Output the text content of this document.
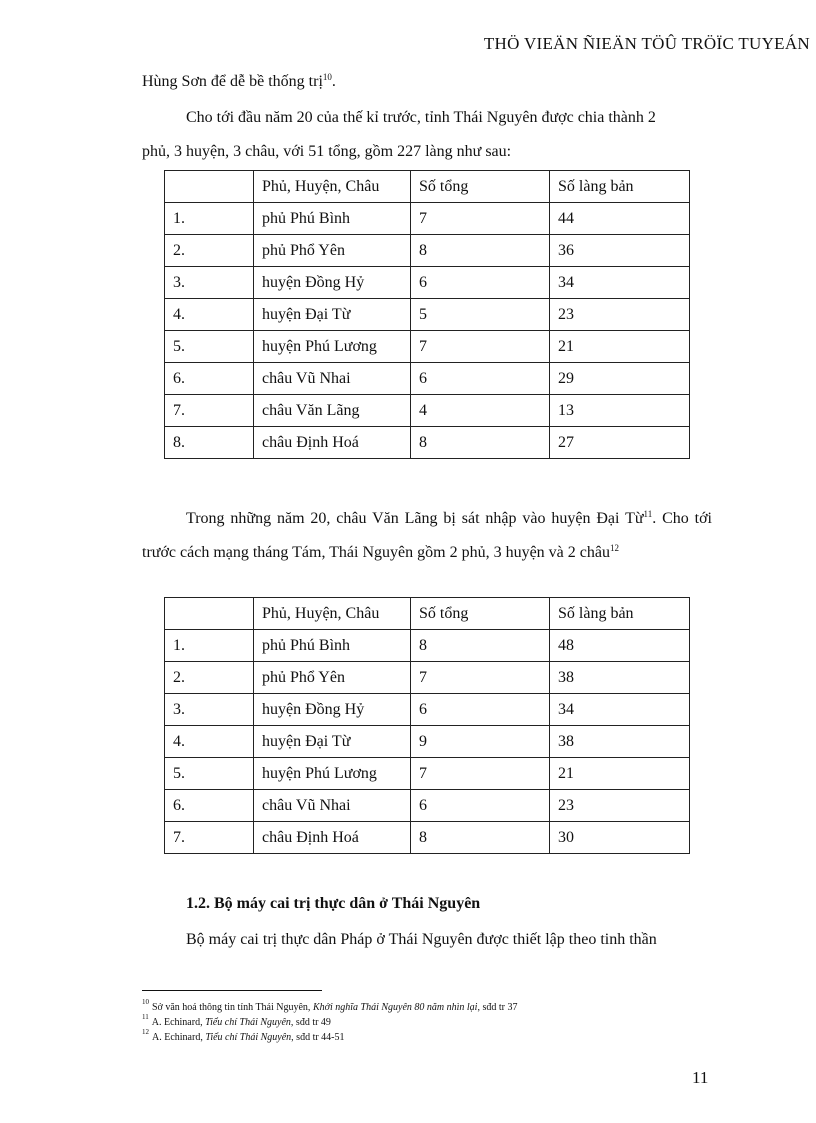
THÖ VIEÄN ÑIEÄN TÖÛ TRÖÏC TUYEÁN
Hùng Sơn để dễ bề thống trị$^{10}$.
Cho tới đầu năm 20 của thế kỉ trước, tỉnh Thái Nguyên được chia thành 2
phủ, 3 huyện, 3 châu, với 51 tổng, gồm 227 làng như sau:
	Phủ, Huyện, Châu	Số tổng	Số làng bản
1.	phủ Phú Bình	7	44
2.	phủ Phổ Yên	8	36
3.	huyện Đồng Hỷ	6	34
4.	huyện Đại Từ	5	23
5.	huyện Phú Lương	7	21
6.	châu Vũ Nhai	6	29
7.	châu Văn Lãng	4	13
8.	châu Định Hoá	8	27
Trong những năm 20, châu Văn Lãng bị sát nhập vào huyện Đại Từ$^{11}$. Cho tới trước cách mạng tháng Tám, Thái Nguyên gồm 2 phủ, 3 huyện và 2 châu$^{12}$
	Phủ, Huyện, Châu	Số tổng	Số làng bản
1.	phủ Phú Bình	8	48
2.	phủ Phổ Yên	7	38
3.	huyện Đồng Hỷ	6	34
4.	huyện Đại Từ	9	38
5.	huyện Phú Lương	7	21
6.	châu Vũ Nhai	6	23
7.	châu Định Hoá	8	30
1.2. Bộ máy cai trị thực dân ở Thái Nguyên
Bộ máy cai trị thực dân Pháp ở Thái Nguyên được thiết lập theo tinh thần
$^{10}$ Sở văn hoá thông tin tỉnh Thái Nguyên, Khởi nghĩa Thái Nguyên 80 năm nhìn lại, sđd tr 37
$^{11}$ A. Echinard, Tiểu chí Thái Nguyên, sđd tr 49
$^{12}$ A. Echinard, Tiểu chí Thái Nguyên, sđd tr 44-51
11
